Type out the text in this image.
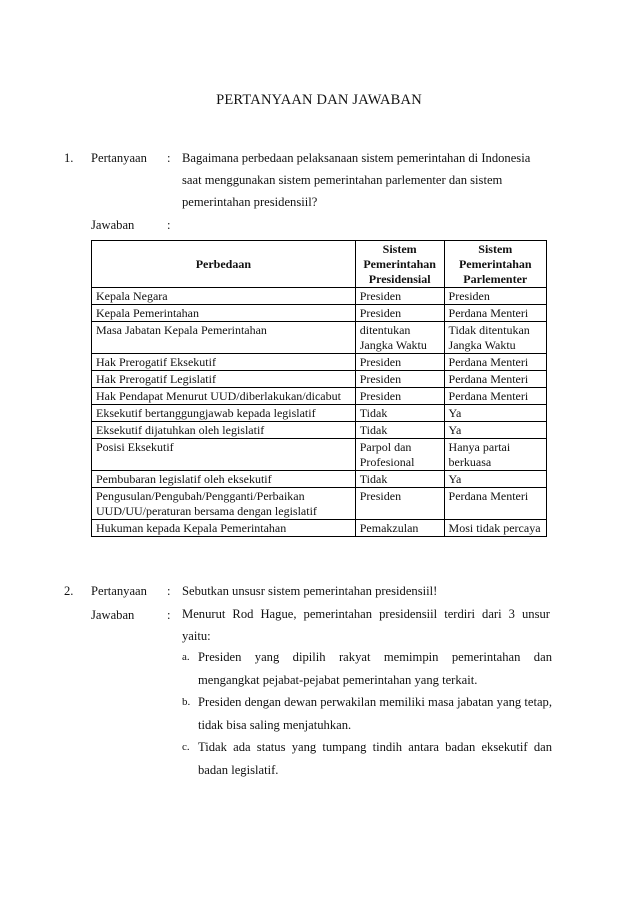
PERTANYAAN DAN JAWABAN
1. Pertanyaan : Bagaimana perbedaan pelaksanaan sistem pemerintahan di Indonesia
saat menggunakan sistem pemerintahan parlementer dan sistem
pemerintahan presidensiil?
Jawaban	:
Perbedaan	Sistem Pemerintahan Presidensial	Sistem Pemerintahan Parlementer
Kepala Negara	Presiden	Presiden
Kepala Pemerintahan	Presiden	Perdana Menteri
Masa Jabatan Kepala Pemerintahan	ditentukan Jangka Waktu	Tidak ditentukan Jangka Waktu
Hak Prerogatif Eksekutif	Presiden	Perdana Menteri
Hak Prerogatif Legislatif	Presiden	Perdana Menteri
Hak Pendapat Menurut UUD/diberlakukan/dicabut	Presiden	Perdana Menteri
Eksekutif bertanggungjawab kepada legislatif	Tidak	Ya
Eksekutif dijatuhkan oleh legislatif	Tidak	Ya
Posisi Eksekutif	Parpol dan Profesional	Hanya partai berkuasa
Pembubaran legislatif oleh eksekutif	Tidak	Ya
Pengusulan/Pengubah/Pengganti/Perbaikan UUD/UU/peraturan bersama dengan legislatif	Presiden	Perdana Menteri
Hukuman kepada Kepala Pemerintahan	Pemakzulan	Mosi tidak percaya
2. Pertanyaan : Sebutkan unsusr sistem pemerintahan presidensiil!
Jawaban	: Menurut Rod Hague, pemerintahan presidensiil terdiri dari 3 unsur yaitu:
a. Presiden yang dipilih rakyat memimpin pemerintahan dan mengangkat pejabat-pejabat pemerintahan yang terkait.
b. Presiden dengan dewan perwakilan memiliki masa jabatan yang tetap, tidak bisa saling menjatuhkan.
c. Tidak ada status yang tumpang tindih antara badan eksekutif dan badan legislatif.
